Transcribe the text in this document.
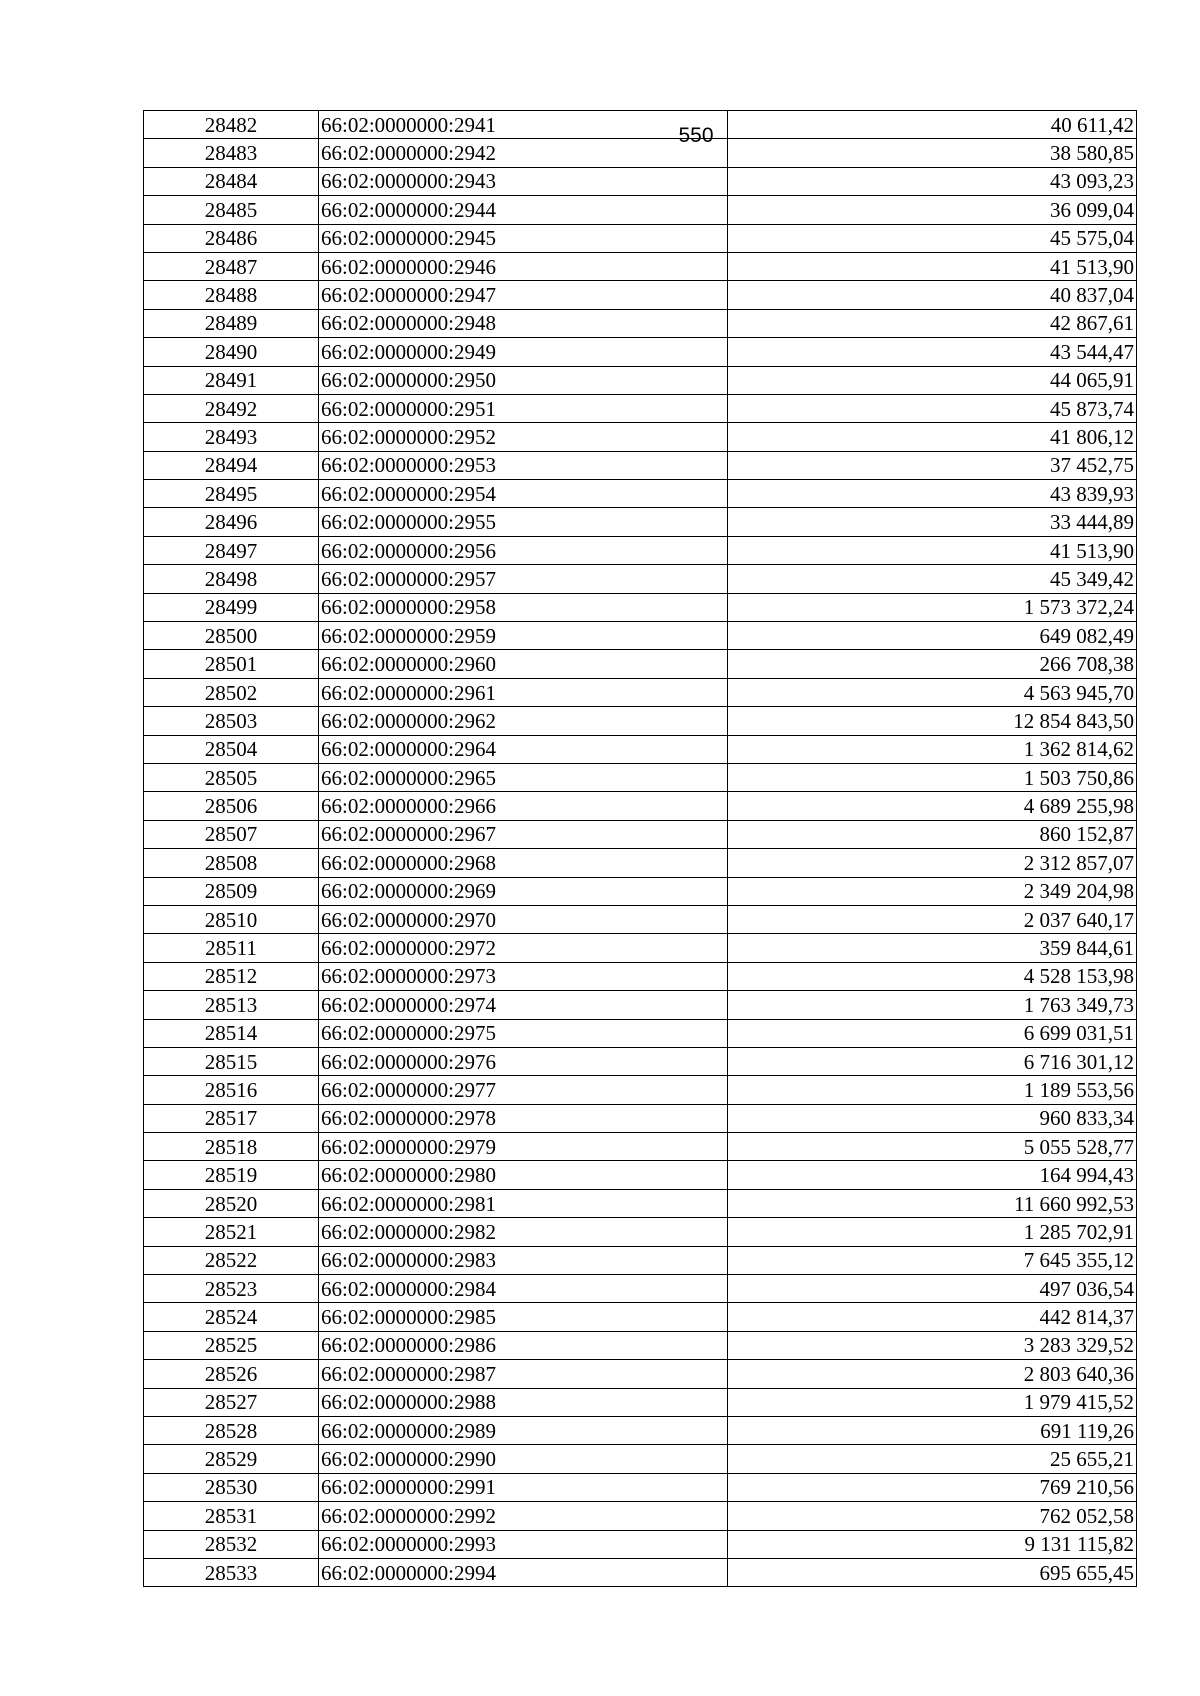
550
28482	66:02:0000000:2941	40 611,42
28483	66:02:0000000:2942	38 580,85
28484	66:02:0000000:2943	43 093,23
28485	66:02:0000000:2944	36 099,04
28486	66:02:0000000:2945	45 575,04
28487	66:02:0000000:2946	41 513,90
28488	66:02:0000000:2947	40 837,04
28489	66:02:0000000:2948	42 867,61
28490	66:02:0000000:2949	43 544,47
28491	66:02:0000000:2950	44 065,91
28492	66:02:0000000:2951	45 873,74
28493	66:02:0000000:2952	41 806,12
28494	66:02:0000000:2953	37 452,75
28495	66:02:0000000:2954	43 839,93
28496	66:02:0000000:2955	33 444,89
28497	66:02:0000000:2956	41 513,90
28498	66:02:0000000:2957	45 349,42
28499	66:02:0000000:2958	1 573 372,24
28500	66:02:0000000:2959	649 082,49
28501	66:02:0000000:2960	266 708,38
28502	66:02:0000000:2961	4 563 945,70
28503	66:02:0000000:2962	12 854 843,50
28504	66:02:0000000:2964	1 362 814,62
28505	66:02:0000000:2965	1 503 750,86
28506	66:02:0000000:2966	4 689 255,98
28507	66:02:0000000:2967	860 152,87
28508	66:02:0000000:2968	2 312 857,07
28509	66:02:0000000:2969	2 349 204,98
28510	66:02:0000000:2970	2 037 640,17
28511	66:02:0000000:2972	359 844,61
28512	66:02:0000000:2973	4 528 153,98
28513	66:02:0000000:2974	1 763 349,73
28514	66:02:0000000:2975	6 699 031,51
28515	66:02:0000000:2976	6 716 301,12
28516	66:02:0000000:2977	1 189 553,56
28517	66:02:0000000:2978	960 833,34
28518	66:02:0000000:2979	5 055 528,77
28519	66:02:0000000:2980	164 994,43
28520	66:02:0000000:2981	11 660 992,53
28521	66:02:0000000:2982	1 285 702,91
28522	66:02:0000000:2983	7 645 355,12
28523	66:02:0000000:2984	497 036,54
28524	66:02:0000000:2985	442 814,37
28525	66:02:0000000:2986	3 283 329,52
28526	66:02:0000000:2987	2 803 640,36
28527	66:02:0000000:2988	1 979 415,52
28528	66:02:0000000:2989	691 119,26
28529	66:02:0000000:2990	25 655,21
28530	66:02:0000000:2991	769 210,56
28531	66:02:0000000:2992	762 052,58
28532	66:02:0000000:2993	9 131 115,82
28533	66:02:0000000:2994	695 655,45
